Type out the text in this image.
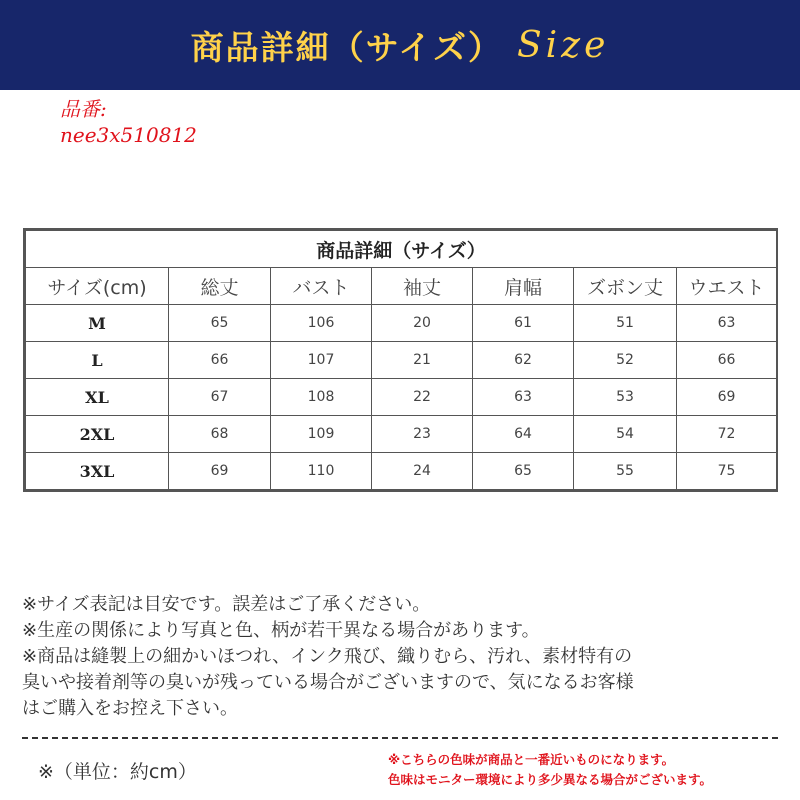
商品詳細（サイズ） Size
品番:
nee3x510812
商品詳細（サイズ）						
サイズ(cm)	総丈	バスト	袖丈	肩幅	ズボン丈	ウエスト
M	65	106	20	61	51	63
L	66	107	21	62	52	66
XL	67	108	22	63	53	69
2XL	68	109	23	64	54	72
3XL	69	110	24	65	55	75
※サイズ表記は目安です。誤差はご了承ください。
※生産の関係により写真と色、柄が若干異なる場合があります。
※商品は縫製上の細かいほつれ、インク飛び、織りむら、汚れ、素材特有の
臭いや接着剤等の臭いが残っている場合がございますので、気になるお客様
はご購入をお控え下さい。
※（単位：約cm）
※こちらの色味が商品と一番近いものになります。
色味はモニター環境により多少異なる場合がございます。
